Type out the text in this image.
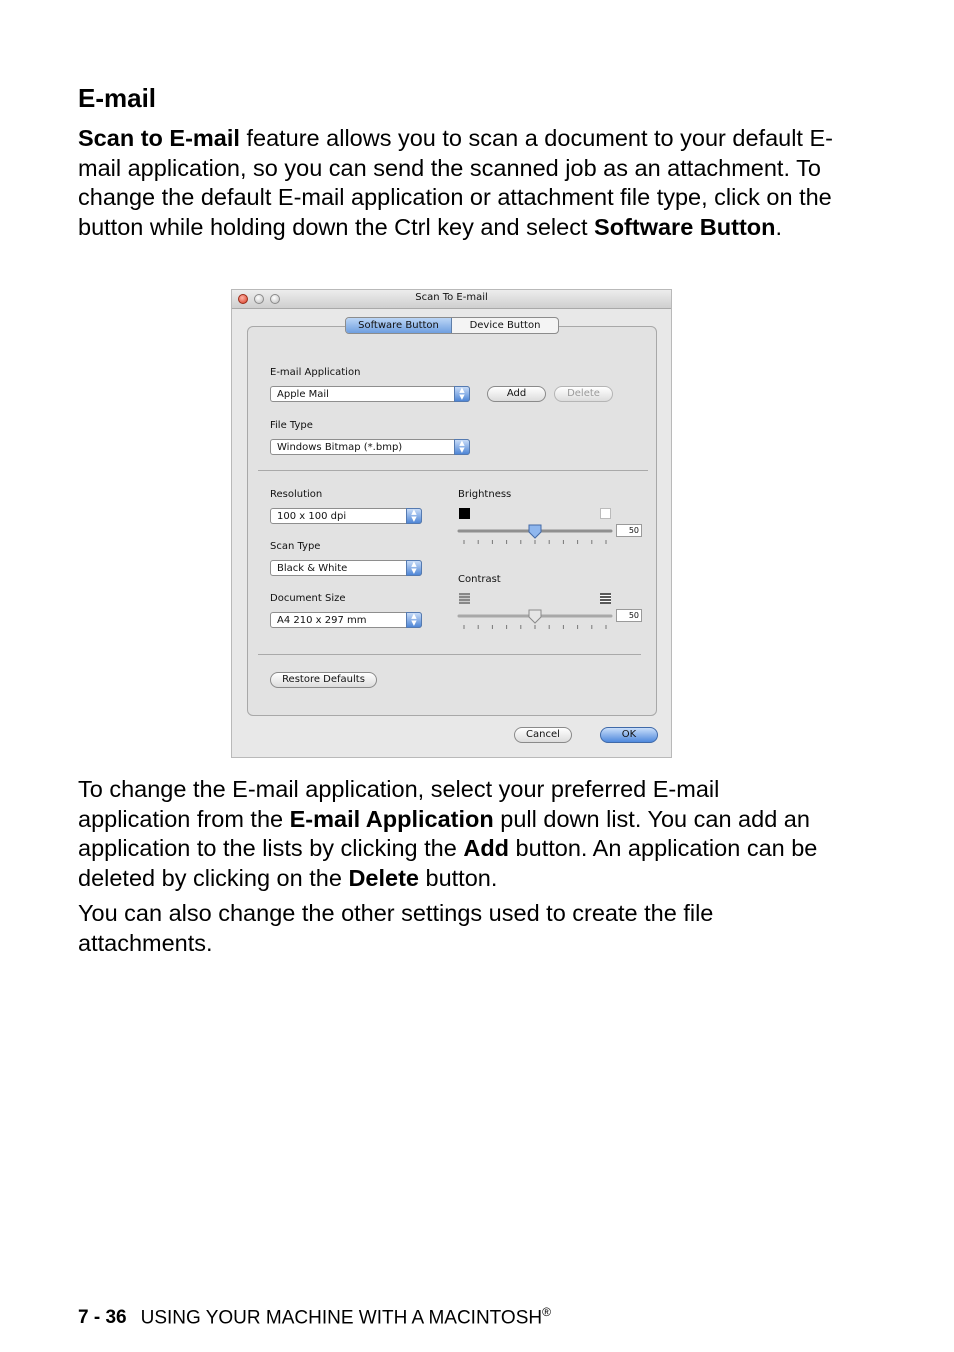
E-mail

Scan to E-mail feature allows you to scan a document to your default E-mail application, so you can send the scanned job as an attachment. To change the default E-mail application or attachment file type, click on the button while holding down the Ctrl key and select Software Button.

Scan To E-mail
Software Button	Device Button
E-mail Application
Apple Mail	▲
▼	Add	Delete
File Type
Windows Bitmap (*.bmp)	▲
▼
Resolution
100 x 100 dpi	▲
▼
Scan Type
Black & White	▲
▼
Document Size
A4 210 x 297 mm	▲
▼
Brightness
50
Contrast
50
Restore Defaults
Cancel	OK

To change the E-mail application, select your preferred E-mail application from the E-mail Application pull down list. You can add an application to the lists by clicking the Add button. An application can be deleted by clicking on the Delete button.

You can also change the other settings used to create the file attachments.

7 - 36 USING YOUR MACHINE WITH A MACINTOSH®
